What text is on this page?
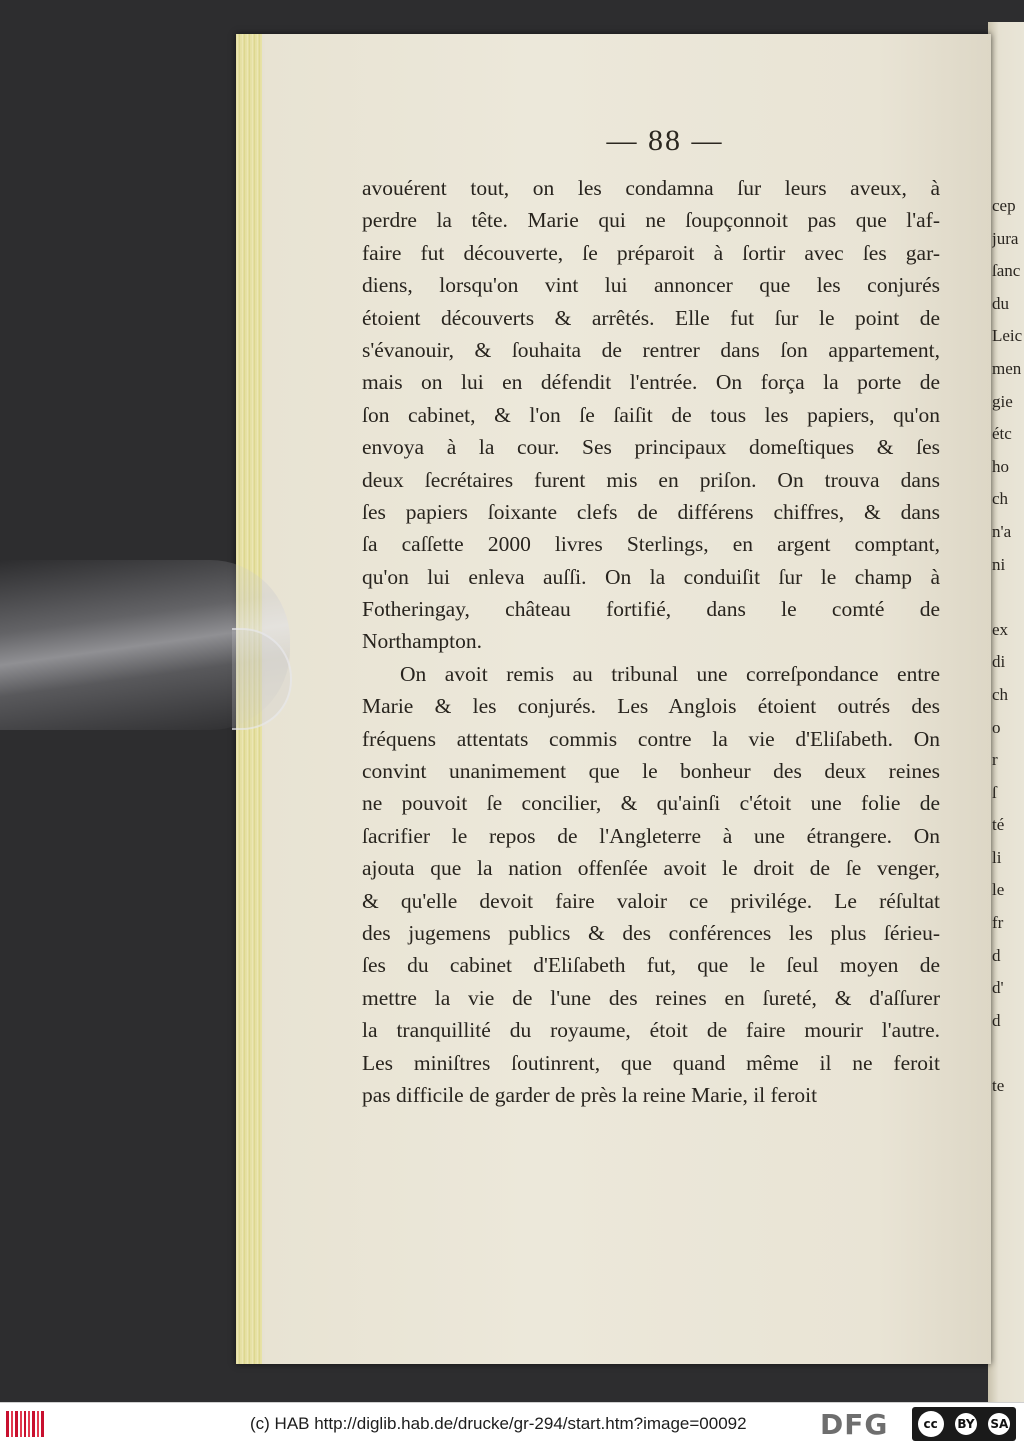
cep
jura
ſanc
du
Leic
men
gie
étc
ho
ch
n'a
ni

ex
di
ch
o
r
ſ
té
li
le
fr
d
d'
d

te
— 88 —
avouérent tout, on les condamna ſur leurs aveux, à
perdre la tête. Marie qui ne ſoupçonnoit pas que l'af-
faire fut découverte, ſe préparoit à ſortir avec ſes gar-
diens, lorsqu'on vint lui annoncer que les conjurés
étoient découverts & arrêtés. Elle fut ſur le point de
s'évanouir, & ſouhaita de rentrer dans ſon appartement,
mais on lui en défendit l'entrée. On força la porte de
ſon cabinet, & l'on ſe ſaiſit de tous les papiers, qu'on
envoya à la cour. Ses principaux domeſtiques & ſes
deux ſecrétaires furent mis en priſon. On trouva dans
ſes papiers ſoixante clefs de différens chiffres, & dans
ſa caſſette 2000 livres Sterlings, en argent comptant,
qu'on lui enleva auſſi. On la conduiſit ſur le champ à
Fotheringay, château fortifié, dans le comté de
Northampton.
On avoit remis au tribunal une correſpondance entre
Marie & les conjurés. Les Anglois étoient outrés des
fréquens attentats commis contre la vie d'Eliſabeth. On
convint unanimement que le bonheur des deux reines
ne pouvoit ſe concilier, & qu'ainſi c'étoit une folie de
ſacrifier le repos de l'Angleterre à une étrangere. On
ajouta que la nation offenſée avoit le droit de ſe venger,
& qu'elle devoit faire valoir ce privilége. Le réſultat
des jugemens publics & des conférences les plus ſérieu-
ſes du cabinet d'Eliſabeth fut, que le ſeul moyen de
mettre la vie de l'une des reines en ſureté, & d'aſſurer
la tranquillité du royaume, étoit de faire mourir l'autre.
Les miniſtres ſoutinrent, que quand même il ne feroit
pas difficile de garder de près la reine Marie, il feroit
(c) HAB http://diglib.hab.de/drucke/gr-294/start.htm?image=00092	DFG	cc	BY SA
